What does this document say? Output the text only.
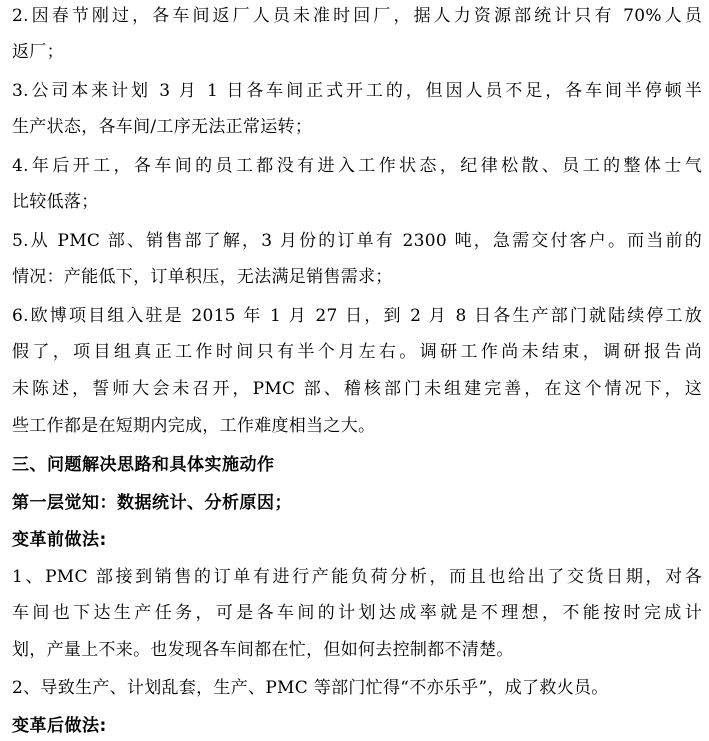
2.因春节刚过，各车间返厂人员未准时回厂，据人力资源部统计只有 70%人员
返厂；
3.公司本来计划 3 月 1 日各车间正式开工的，但因人员不足，各车间半停顿半
生产状态，各车间/工序无法正常运转；
4.年后开工，各车间的员工都没有进入工作状态，纪律松散、员工的整体士气
比较低落；
5.从 PMC 部、销售部了解，3 月份的订单有 2300 吨，急需交付客户。而当前的
情况：产能低下，订单积压，无法满足销售需求；
6.欧博项目组入驻是 2015 年 1 月 27 日，到 2 月 8 日各生产部门就陆续停工放
假了，项目组真正工作时间只有半个月左右。调研工作尚未结束，调研报告尚
未陈述，誓师大会未召开，PMC 部、稽核部门未组建完善，在这个情况下，这
些工作都是在短期内完成，工作难度相当之大。
三、问题解决思路和具体实施动作
第一层觉知：数据统计、分析原因；
变革前做法:
1、PMC 部接到销售的订单有进行产能负荷分析，而且也给出了交货日期，对各
车间也下达生产任务，可是各车间的计划达成率就是不理想，不能按时完成计
划，产量上不来。也发现各车间都在忙，但如何去控制都不清楚。
2、导致生产、计划乱套，生产、PMC 等部门忙得“不亦乐乎”，成了救火员。
变革后做法:
